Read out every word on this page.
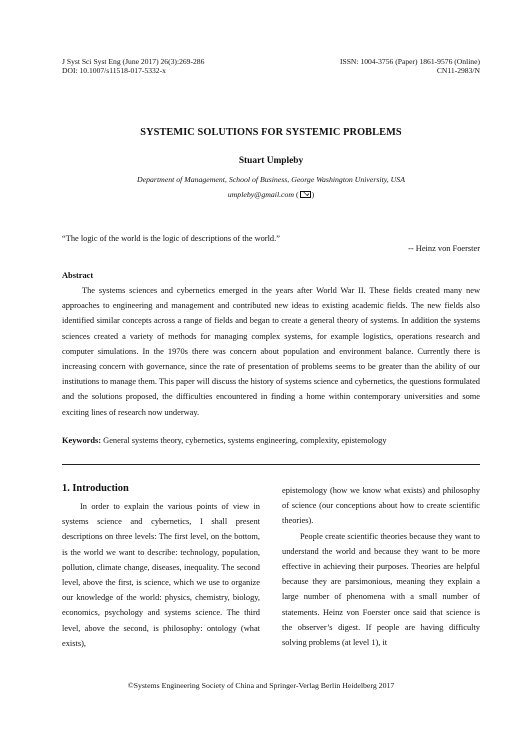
J Syst Sci Syst Eng (June 2017) 26(3):269-286	ISSN: 1004-3756 (Paper) 1861-9576 (Online)
DOI: 10.1007/s11518-017-5332-x	CN11-2983/N
SYSTEMIC SOLUTIONS FOR SYSTEMIC PROBLEMS
Stuart Umpleby
Department of Management, School of Business, George Washington University, USA
umpleby@gmail.com ( )
“The logic of the world is the logic of descriptions of the world.”
-- Heinz von Foerster
Abstract

The systems sciences and cybernetics emerged in the years after World War II. These fields created many new approaches to engineering and management and contributed new ideas to existing academic fields. The new fields also identified similar concepts across a range of fields and began to create a general theory of systems. In addition the systems sciences created a variety of methods for managing complex systems, for example logistics, operations research and computer simulations. In the 1970s there was concern about population and environment balance. Currently there is increasing concern with governance, since the rate of presentation of problems seems to be greater than the ability of our institutions to manage them. This paper will discuss the history of systems science and cybernetics, the questions formulated and the solutions proposed, the difficulties encountered in finding a home within contemporary universities and some exciting lines of research now underway.

Keywords: General systems theory, cybernetics, systems engineering, complexity, epistemology
1. Introduction

In order to explain the various points of view in systems science and cybernetics, I shall present descriptions on three levels: The first level, on the bottom, is the world we want to describe: technology, population, pollution, climate change, diseases, inequality. The second level, above the first, is science, which we use to organize our knowledge of the world: physics, chemistry, biology, economics, psychology and systems science. The third level, above the second, is philosophy: ontology (what exists),

epistemology (how we know what exists) and philosophy of science (our conceptions about how to create scientific theories).

People create scientific theories because they want to understand the world and because they want to be more effective in achieving their purposes. Theories are helpful because they are parsimonious, meaning they explain a large number of phenomena with a small number of statements. Heinz von Foerster once said that science is the observer’s digest. If people are having difficulty solving problems (at level 1), it

©Systems Engineering Society of China and Springer-Verlag Berlin Heidelberg 2017
